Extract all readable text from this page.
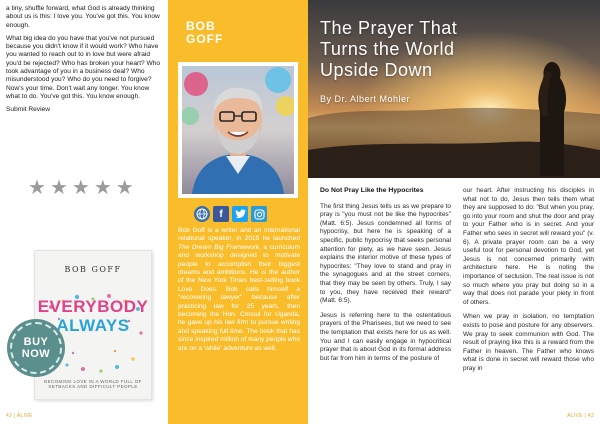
a tiny, shuffle forward, what God is already thinking about us is this: I love you. You've got this. You know enough.

What big idea do you have that you've not pursued because you didn't know if it would work? Who have you wanted to reach out to in love but were afraid you'd be rejected? Who has broken your heart? Who took advantage of you in a business deal? Who misunderstood you? Who do you need to forgive? Now's your time. Don't wait any longer. You know what to do. You've got this. You know enough.

Submit Review

★ ★ ★ ★ ★
BOB GOFF
EVERYBODY
ALWAYS
BECOMING LOVE IN A WORLD FULL OF SETBACKS AND DIFFICULT PEOPLE
BUY
NOW
42 | ALIVE
BOB
GOFF
f
Bob Goff is a writer and an international relational speaker, in 2015 he launched The Dream Big Framework, a curriculum and workshop designed to motivate people to accomplish their biggest dreams and ambitions. He is the author of the New York Times best-selling book Love Does. Bob calls himself a "recovering lawyer" because after practicing law for 25 years, then becoming the Hon. Consul for Uganda, he gave up his law firm to pursue writing and speaking full time. The book that has since inspired million of many people who are on a 'while' adventure as well.
The Prayer That
Turns the World
Upside Down
By Dr. Albert Mohler
Do Not Pray Like the Hypocrites

The first thing Jesus tells us as we prepare to pray is "you must not be like the hypocrites" (Matt. 6:5). Jesus condemned all forms of hypocrisy, but here he is speaking of a specific, public hypocrisy that seeks personal attention for piety, as we have seen. Jesus explains the interior motive of these types of hypocrites: "They love to stand and pray in the synagogues and at the street corners, that they may be seen by others. Truly, I say to you, they have received their reward" (Matt. 6:5).

Jesus is referring here to the ostentatious prayers of the Pharisees, but we need to see the temptation that exists here for us as well. You and I can easily engage in hypocritical prayer that is about God in its formal address but far from him in terms of the posture of

our heart. After instructing his disciples in what not to do, Jesus then tells them what they are supposed to do: "But when you pray, go into your room and shut the door and pray to your Father who is in secret. And your Father who sees in secret will reward you" (v. 6). A private prayer room can be a very useful tool for personal devotion to God, yet Jesus is not concerned primarily with architecture here. He is noting the importance of seclusion. The real issue is not so much where you pray but doing so in a way that does not parade your piety in front of others.

When we pray in isolation, no temptation exists to pose and posture for any observers. We pray to seek communion with God. The result of praying like this is a reward from the Father in heaven. The Father who knows what is done in secret will reward those who pray in

ALIVE | 43
